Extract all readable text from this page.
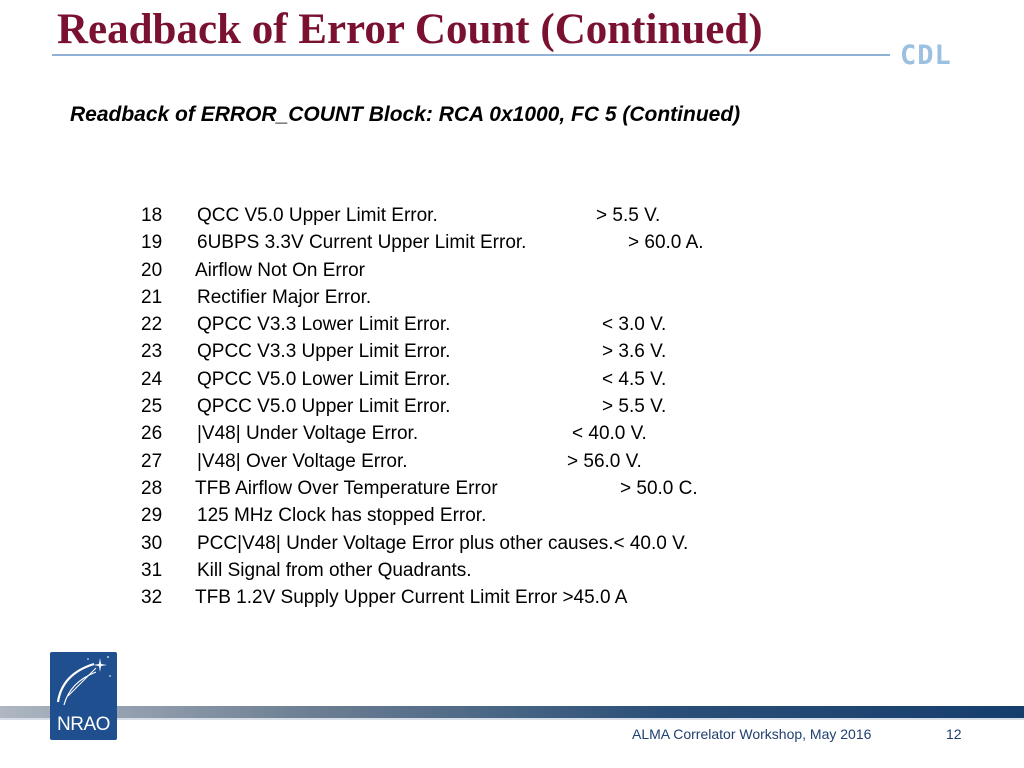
Readback of Error Count (Continued)
CDL
Readback of ERROR_COUNT Block: RCA 0x1000, FC 5 (Continued)
18 QCC V5.0 Upper Limit Error.	> 5.5 V.
19 6UBPS 3.3V Current Upper Limit Error.	> 60.0 A.
20 Airflow Not On Error
21 Rectifier Major Error.
22 QPCC V3.3 Lower Limit Error.	< 3.0 V.
23 QPCC V3.3 Upper Limit Error.	> 3.6 V.
24 QPCC V5.0 Lower Limit Error.	< 4.5 V.
25 QPCC V5.0 Upper Limit Error.	> 5.5 V.
26 |V48| Under Voltage Error.	< 40.0 V.
27 |V48| Over Voltage Error.	> 56.0 V.
28 TFB Airflow Over Temperature Error	> 50.0 C.
29 125 MHz Clock has stopped Error.
30 PCC|V48| Under Voltage Error plus other causes.< 40.0 V.
31 Kill Signal from other Quadrants.
32 TFB 1.2V Supply Upper Current Limit Error >45.0 A
NRAO	ALMA Correlator Workshop, May 2016	12
